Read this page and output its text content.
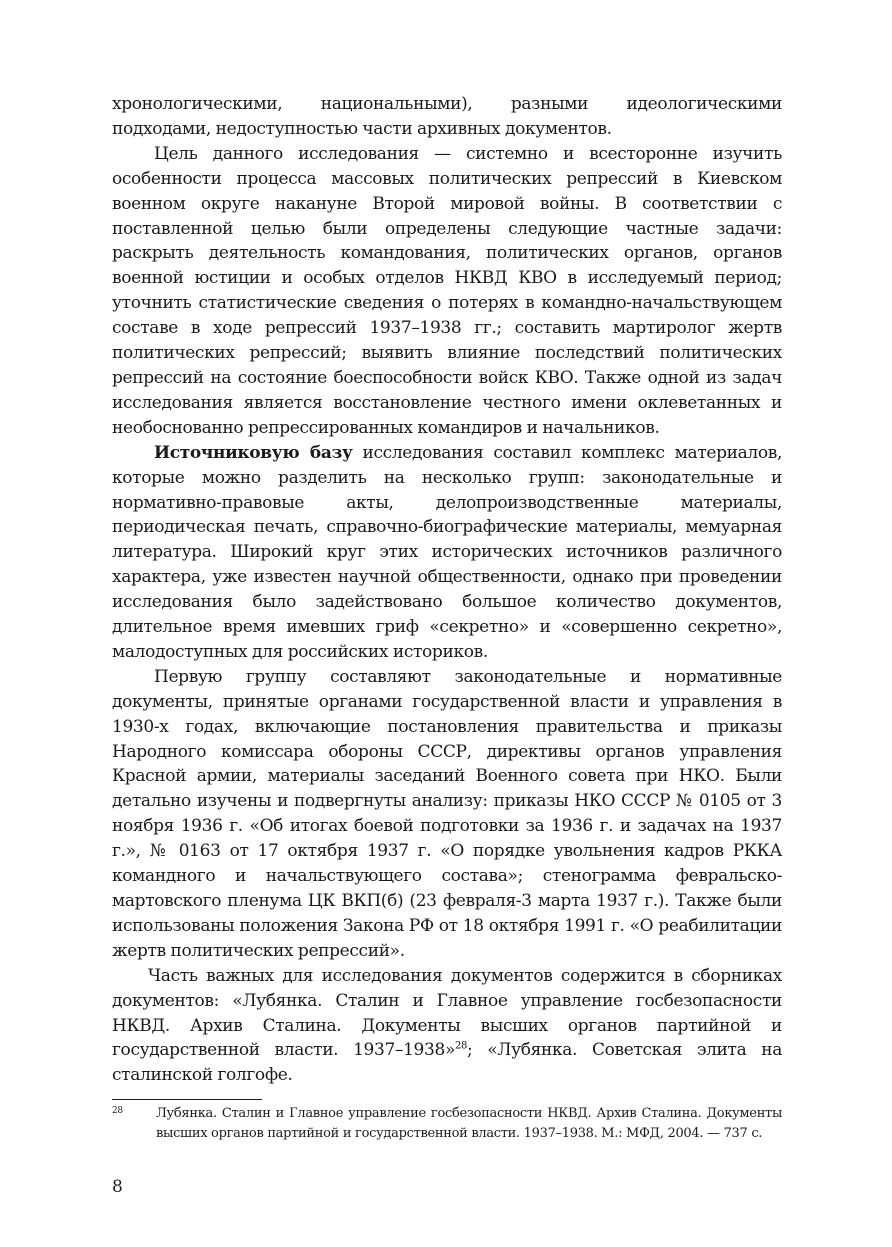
хронологическими, национальными), разными идеологическими подходами, недоступностью части архивных документов.

Цель данного исследования — системно и всесторонне изучить особенности процесса массовых политических репрессий в Киевском военном округе накануне Второй мировой войны. В соответствии с поставленной целью были определены следующие частные задачи: раскрыть деятельность командования, политических органов, органов военной юстиции и особых отделов НКВД КВО в исследуемый период; уточнить статистические сведения о потерях в командно-начальствующем составе в ходе репрессий 1937–1938 гг.; составить мартиролог жертв политических репрессий; выявить влияние последствий политических репрессий на состояние боеспособности войск КВО. Также одной из задач исследования является восстановление честного имени оклеветанных и необоснованно репрессированных командиров и начальников.

Источниковую базу исследования составил комплекс материалов, которые можно разделить на несколько групп: законодательные и нормативно-правовые акты, делопроизводственные материалы, периодическая печать, справочно-биографические материалы, мемуарная литература. Широкий круг этих исторических источников различного характера, уже известен научной общественности, однако при проведении исследования было задействовано большое количество документов, длительное время имевших гриф «секретно» и «совершенно секретно», малодоступных для российских историков.

Первую группу составляют законодательные и нормативные документы, принятые органами государственной власти и управления в 1930-х годах, включающие постановления правительства и приказы Народного комиссара обороны СССР, директивы органов управления Красной армии, материалы заседаний Военного совета при НКО. Были детально изучены и подвергнуты анализу: приказы НКО СССР № 0105 от 3 ноября 1936 г. «Об итогах боевой подготовки за 1936 г. и задачах на 1937 г.», № 0163 от 17 октября 1937 г. «О порядке увольнения кадров РККА командного и начальствующего состава»; стенограмма февральско-мартовского пленума ЦК ВКП(б) (23 февраля-3 марта 1937 г.). Также были использованы положения Закона РФ от 18 октября 1991 г. «О реабилитации жертв политических репрессий».

Часть важных для исследования документов содержится в сборниках документов: «Лубянка. Сталин и Главное управление госбезопасности НКВД. Архив Сталина. Документы высших органов партийной и государственной власти. 1937–1938»$^{28}$; «Лубянка. Советская элита на сталинской голгофе.

28	Лубянка. Сталин и Главное управление госбезопасности НКВД. Архив Сталина. Документы высших органов партийной и государственной власти. 1937–1938. М.: МФД, 2004. — 737 с.

8
